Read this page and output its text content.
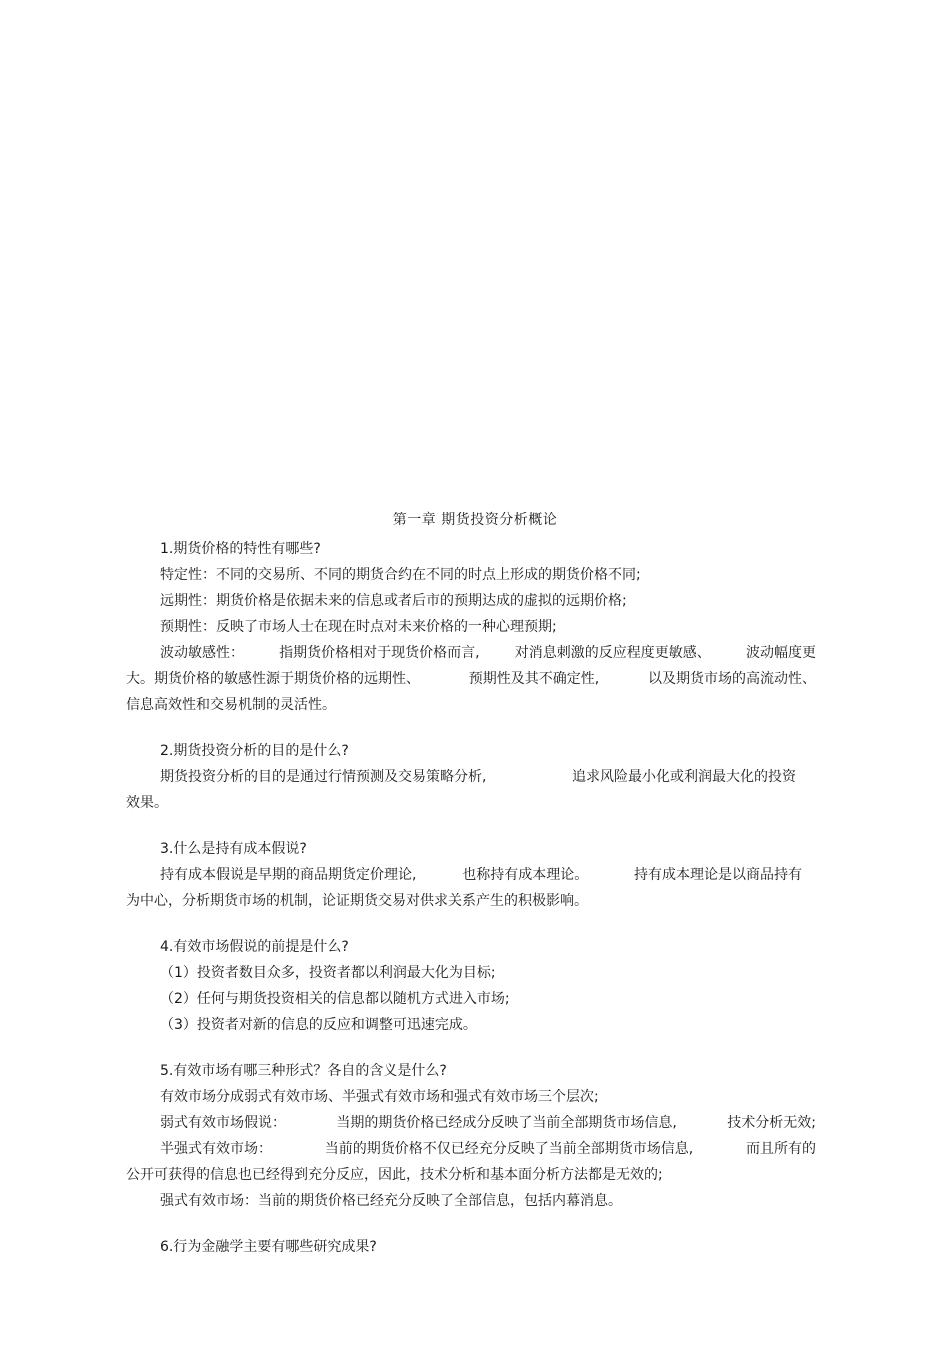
第一章 期货投资分析概论
1.期货价格的特性有哪些?
特定性：不同的交易所、不同的期货合约在不同的时点上形成的期货价格不同;
远期性：期货价格是依据未来的信息或者后市的预期达成的虚拟的远期价格;
预期性：反映了市场人士在现在时点对未来价格的一种心理预期;
波动敏感性：	指期货价格相对于现货价格而言,	对消息刺激的反应程度更敏感、	波动幅度更
大。期货价格的敏感性源于期货价格的远期性、	预期性及其不确定性,	以及期货市场的高流动性、
信息高效性和交易机制的灵活性。
2.期货投资分析的目的是什么?
期货投资分析的目的是通过行情预测及交易策略分析,	追求风险最小化或利润最大化的投资
效果。
3.什么是持有成本假说?
持有成本假说是早期的商品期货定价理论,	也称持有成本理论。	持有成本理论是以商品持有
为中心，分析期货市场的机制，论证期货交易对供求关系产生的积极影响。
4.有效市场假说的前提是什么?
（1）投资者数目众多，投资者都以利润最大化为目标;
（2）任何与期货投资相关的信息都以随机方式进入市场;
（3）投资者对新的信息的反应和调整可迅速完成。
5.有效市场有哪三种形式？各自的含义是什么?
有效市场分成弱式有效市场、半强式有效市场和强式有效市场三个层次;
弱式有效市场假说：	当期的期货价格已经成分反映了当前全部期货市场信息,	技术分析无效;
半强式有效市场：	当前的期货价格不仅已经充分反映了当前全部期货市场信息,	而且所有的
公开可获得的信息也已经得到充分反应，因此，技术分析和基本面分析方法都是无效的;
强式有效市场：当前的期货价格已经充分反映了全部信息，包括内幕消息。
6.行为金融学主要有哪些研究成果?
